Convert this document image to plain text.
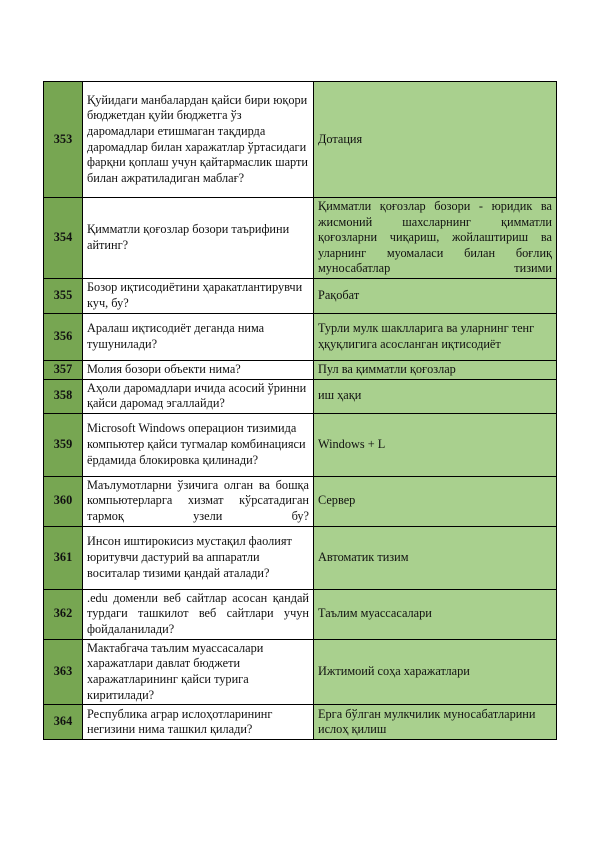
353	Қуйидаги манбалардан қайси бири юқори бюджетдан қуйи бюджетга ўз даромадлари етишмаган тақдирда даромадлар билан харажатлар ўртасидаги фарқни қоплаш учун қайтармаслик шарти билан ажратиладиган маблағ?	Дотация
354	Қимматли қоғозлар бозори таърифини айтинг?	Қимматли қоғозлар бозори - юридик ва жисмоний шахсларнинг қимматли қоғозларни чиқариш, жойлаштириш ва уларнинг муомаласи билан боғлиқ муносабатлар тизими
355	Бозор иқтисодиётини ҳаракатлантирувчи куч, бу?	Рақобат
356	Аралаш иқтисодиёт деганда нима тушунилади?	Турли мулк шаклларига ва уларнинг тенг ҳқуқлигига асосланган иқтисодиёт
357	Молия бозори объекти нима?	Пул ва қимматли қоғозлар
358	Аҳоли даромадлари ичида асосий ўринни қайси даромад эгаллайди?	иш ҳақи
359	Microsoft Windows операцион тизимида компьютер қайси тугмалар комбинацияси ёрдамида блокировка қилинади?	Windows + L
360	Маълумотларни ўзичига олган ва бошқа компьютерларга хизмат кўрсатадиган тармоқ узели бу?	Сервер
361	Инсон иштирокисиз мустақил фаолият юритувчи дастурий ва аппаратли воситалар тизими қандай аталади?	Автоматик тизим
362	.edu доменли веб сайтлар асосан қандай турдаги ташкилот веб сайтлари учун фойдаланилади?	Таълим муассасалари
363	Мактабгача таълим муассасалари харажатлари давлат бюджети харажатларининг қайси турига киритилади?	Ижтимоий соҳа харажатлари
364	Республика аграр ислоҳотларининг негизини нима ташкил қилади?	Ерга бўлган мулкчилик муносабатларини ислоҳ қилиш
